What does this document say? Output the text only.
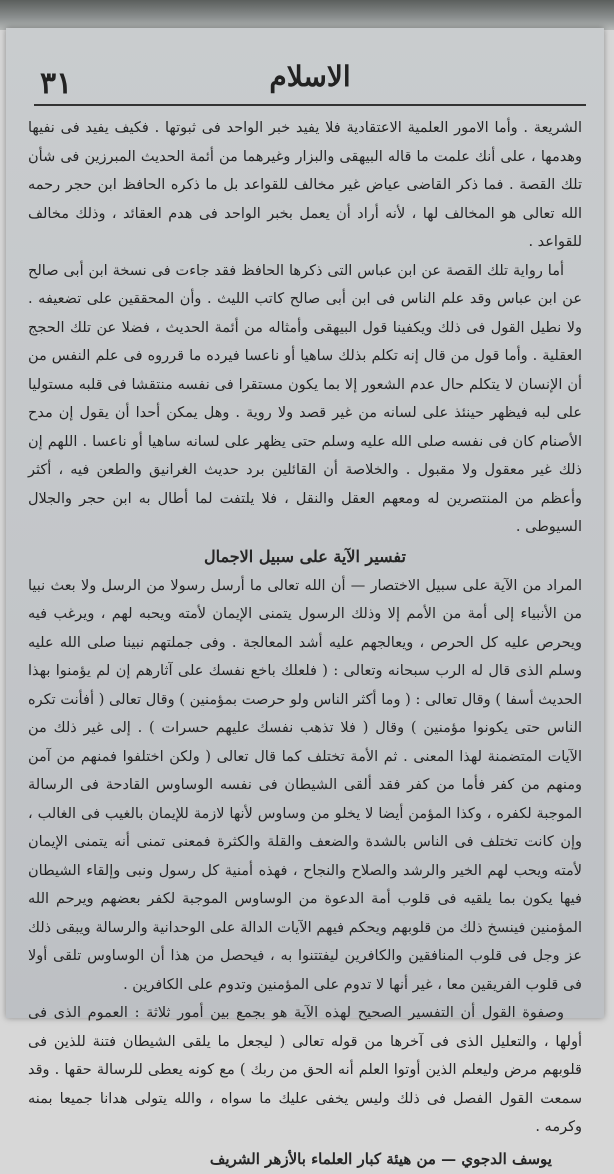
٣١	الاسلام

الشريعة . وأما الامور العلمية الاعتقادية فلا يفيد خبر الواحد فى ثبوتها . فكيف يفيد فى نفيها وهدمها ، على أنك علمت ما قاله البيهقى والبزار وغيرهما من أئمة الحديث المبرزين فى شأن تلك القصة . فما ذكر القاضى عياض غير مخالف للقواعد بل ما ذكره الحافظ ابن حجر رحمه الله تعالى هو المخالف لها ، لأنه أراد أن يعمل بخبر الواحد فى هدم العقائد ، وذلك مخالف للقواعد .

أما رواية تلك القصة عن ابن عباس التى ذكرها الحافظ فقد جاءت فى نسخة ابن أبى صالح عن ابن عباس وقد علم الناس فى ابن أبى صالح كاتب الليث . وأن المحققين على تضعيفه . ولا نطيل القول فى ذلك ويكفينا قول البيهقى وأمثاله من أئمة الحديث ، فضلا عن تلك الحجج العقلية . وأما قول من قال إنه تكلم بذلك ساهيا أو ناعسا فيرده ما قرروه فى علم النفس من أن الإنسان لا يتكلم حال عدم الشعور إلا بما يكون مستقرا فى نفسه منتقشا فى قلبه مستوليا على لبه فيظهر حينئذ على لسانه من غير قصد ولا روية . وهل يمكن أحدا أن يقول إن مدح الأصنام كان فى نفسه صلى الله عليه وسلم حتى يظهر على لسانه ساهيا أو ناعسا . اللهم إن ذلك غير معقول ولا مقبول . والخلاصة أن القائلين برد حديث الغرانيق والطعن فيه ، أكثر وأعظم من المنتصرين له ومعهم العقل والنقل ، فلا يلتفت لما أطال به ابن حجر والجلال السيوطى .

تفسير الآية على سبيل الاجمال

المراد من الآية على سبيل الاختصار — أن الله تعالى ما أرسل رسولا من الرسل ولا بعث نبيا من الأنبياء إلى أمة من الأمم إلا وذلك الرسول يتمنى الإيمان لأمته ويحبه لهم ، ويرغب فيه ويحرص عليه كل الحرص ، ويعالجهم عليه أشد المعالجة . وفى جملتهم نبينا صلى الله عليه وسلم الذى قال له الرب سبحانه وتعالى : ( فلعلك باخع نفسك على آثارهم إن لم يؤمنوا بهذا الحديث أسفا ) وقال تعالى : ( وما أكثر الناس ولو حرصت بمؤمنين ) وقال تعالى ( أفأنت تكره الناس حتى يكونوا مؤمنين ) وقال ( فلا تذهب نفسك عليهم حسرات ) . إلى غير ذلك من الآيات المتضمنة لهذا المعنى . ثم الأمة تختلف كما قال تعالى ( ولكن اختلفوا فمنهم من آمن ومنهم من كفر فأما من كفر فقد ألقى الشيطان فى نفسه الوساوس القادحة فى الرسالة الموجبة لكفره ، وكذا المؤمن أيضا لا يخلو من وساوس لأنها لازمة للإيمان بالغيب فى الغالب ، وإن كانت تختلف فى الناس بالشدة والضعف والقلة والكثرة فمعنى تمنى أنه يتمنى الإيمان لأمته ويحب لهم الخير والرشد والصلاح والنجاح ، فهذه أمنية كل رسول ونبى وإلقاء الشيطان فيها يكون بما يلقيه فى قلوب أمة الدعوة من الوساوس الموجبة لكفر بعضهم ويرحم الله المؤمنين فينسخ ذلك من قلوبهم ويحكم فيهم الآيات الدالة على الوحدانية والرسالة ويبقى ذلك عز وجل فى قلوب المنافقين والكافرين ليفتتنوا به ، فيحصل من هذا أن الوساوس تلقى أولا فى قلوب الفريقين معا ، غير أنها لا تدوم على المؤمنين وتدوم على الكافرين .

وصفوة القول أن التفسير الصحيح لهذه الآية هو بجمع بين أمور ثلاثة : العموم الذى فى أولها ، والتعليل الذى فى آخرها من قوله تعالى ( ليجعل ما يلقى الشيطان فتنة للذين فى قلوبهم مرض وليعلم الذين أوتوا العلم أنه الحق من ربك ) مع كونه يعطى للرسالة حقها . وقد سمعت القول الفصل فى ذلك وليس يخفى عليك ما سواه ، والله يتولى هدانا جميعا بمنه وكرمه .

يوسف الدجوي — من هيئة كبار العلماء بالأزهر الشريف
